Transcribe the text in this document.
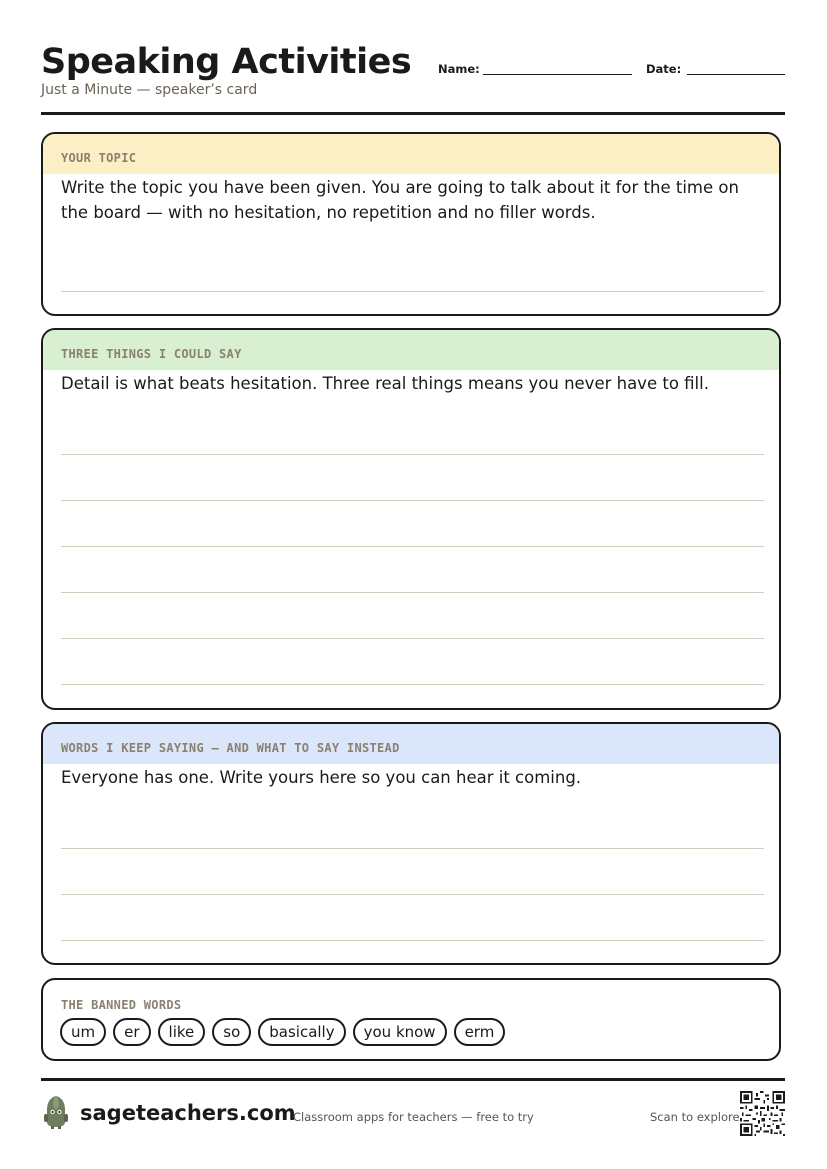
Speaking Activities
Just a Minute — speaker’s card
Name:	Date:
YOUR TOPIC
Write the topic you have been given. You are going to talk about it for the time on the board — with no hesitation, no repetition and no filler words.
THREE THINGS I COULD SAY
Detail is what beats hesitation. Three real things means you never have to fill.
WORDS I KEEP SAYING — AND WHAT TO SAY INSTEAD
Everyone has one. Write yours here so you can hear it coming.
THE BANNED WORDS
um	er	like	so	basically	you know	erm
sageteachers.com
Classroom apps for teachers — free to try	Scan to explore
